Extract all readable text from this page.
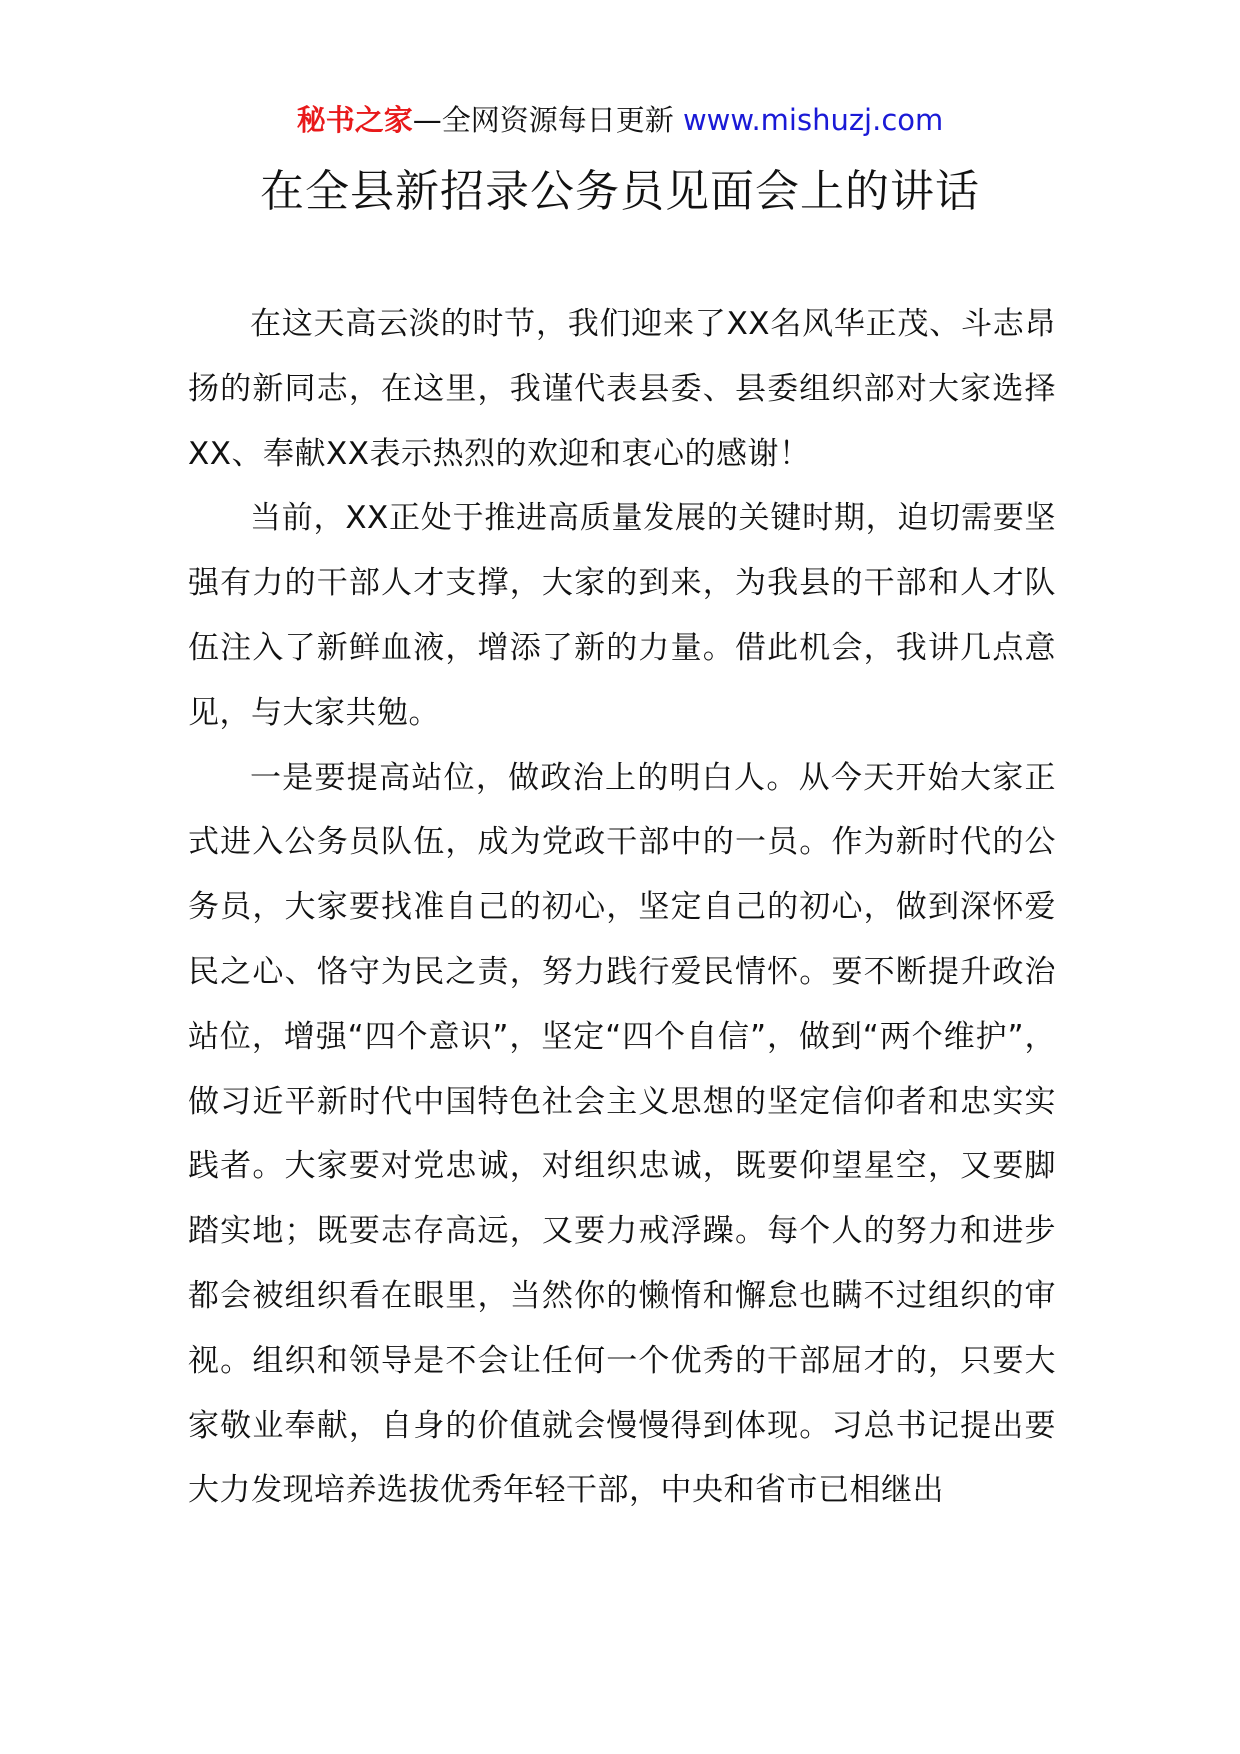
秘书之家—全网资源每日更新 www.mishuzj.com
在全县新招录公务员见面会上的讲话

在这天高云淡的时节，我们迎来了XX名风华正茂、斗志昂扬的新同志，在这里，我谨代表县委、县委组织部对大家选择XX、奉献XX表示热烈的欢迎和衷心的感谢！

当前，XX正处于推进高质量发展的关键时期，迫切需要坚强有力的干部人才支撑，大家的到来，为我县的干部和人才队伍注入了新鲜血液，增添了新的力量。借此机会，我讲几点意见，与大家共勉。

一是要提高站位，做政治上的明白人。从今天开始大家正式进入公务员队伍，成为党政干部中的一员。作为新时代的公务员，大家要找准自己的初心，坚定自己的初心，做到深怀爱民之心、恪守为民之责，努力践行爱民情怀。要不断提升政治站位，增强“四个意识”，坚定“四个自信”，做到“两个维护”，做习近平新时代中国特色社会主义思想的坚定信仰者和忠实实践者。大家要对党忠诚，对组织忠诚，既要仰望星空，又要脚踏实地；既要志存高远，又要力戒浮躁。每个人的努力和进步都会被组织看在眼里，当然你的懒惰和懈怠也瞒不过组织的审视。组织和领导是不会让任何一个优秀的干部屈才的，只要大家敬业奉献，自身的价值就会慢慢得到体现。习总书记提出要大力发现培养选拔优秀年轻干部，中央和省市已相继出
